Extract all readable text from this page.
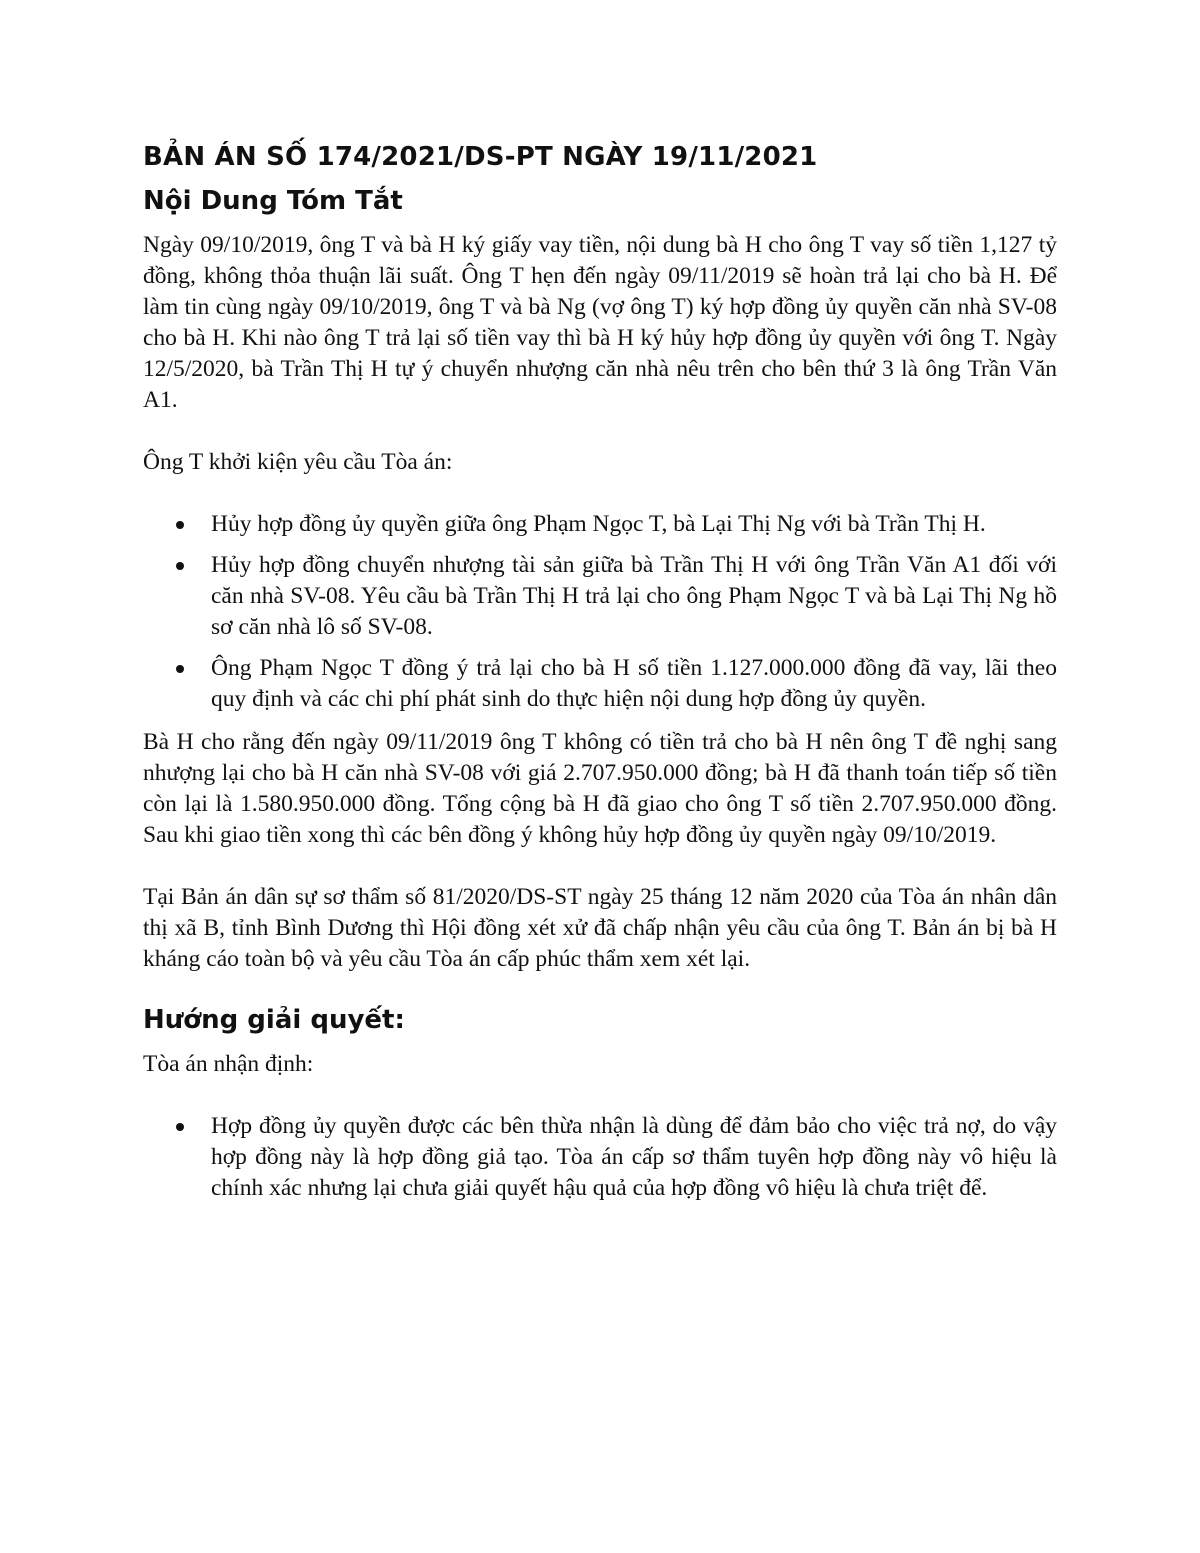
BẢN ÁN SỐ 174/2021/DS-PT NGÀY 19/11/2021
Nội Dung Tóm Tắt

Ngày 09/10/2019, ông T và bà H ký giấy vay tiền, nội dung bà H cho ông T vay số tiền 1,127 tỷ đồng, không thỏa thuận lãi suất. Ông T hẹn đến ngày 09/11/2019 sẽ hoàn trả lại cho bà H. Để làm tin cùng ngày 09/10/2019, ông T và bà Ng (vợ ông T) ký hợp đồng ủy quyền căn nhà SV-08 cho bà H. Khi nào ông T trả lại số tiền vay thì bà H ký hủy hợp đồng ủy quyền với ông T. Ngày 12/5/2020, bà Trần Thị H tự ý chuyển nhượng căn nhà nêu trên cho bên thứ 3 là ông Trần Văn A1.

Ông T khởi kiện yêu cầu Tòa án:

Hủy hợp đồng ủy quyền giữa ông Phạm Ngọc T, bà Lại Thị Ng với bà Trần Thị H.
Hủy hợp đồng chuyển nhượng tài sản giữa bà Trần Thị H với ông Trần Văn A1 đối với căn nhà SV-08. Yêu cầu bà Trần Thị H trả lại cho ông Phạm Ngọc T và bà Lại Thị Ng hồ sơ căn nhà lô số SV-08.
Ông Phạm Ngọc T đồng ý trả lại cho bà H số tiền 1.127.000.000 đồng đã vay, lãi theo quy định và các chi phí phát sinh do thực hiện nội dung hợp đồng ủy quyền.

Bà H cho rằng đến ngày 09/11/2019 ông T không có tiền trả cho bà H nên ông T đề nghị sang nhượng lại cho bà H căn nhà SV-08 với giá 2.707.950.000 đồng; bà H đã thanh toán tiếp số tiền còn lại là 1.580.950.000 đồng. Tổng cộng bà H đã giao cho ông T số tiền 2.707.950.000 đồng. Sau khi giao tiền xong thì các bên đồng ý không hủy hợp đồng ủy quyền ngày 09/10/2019.

Tại Bản án dân sự sơ thẩm số 81/2020/DS-ST ngày 25 tháng 12 năm 2020 của Tòa án nhân dân thị xã B, tỉnh Bình Dương thì Hội đồng xét xử đã chấp nhận yêu cầu của ông T. Bản án bị bà H kháng cáo toàn bộ và yêu cầu Tòa án cấp phúc thẩm xem xét lại.

Hướng giải quyết:

Tòa án nhận định:

Hợp đồng ủy quyền được các bên thừa nhận là dùng để đảm bảo cho việc trả nợ, do vậy hợp đồng này là hợp đồng giả tạo. Tòa án cấp sơ thẩm tuyên hợp đồng này vô hiệu là chính xác nhưng lại chưa giải quyết hậu quả của hợp đồng vô hiệu là chưa triệt để.
